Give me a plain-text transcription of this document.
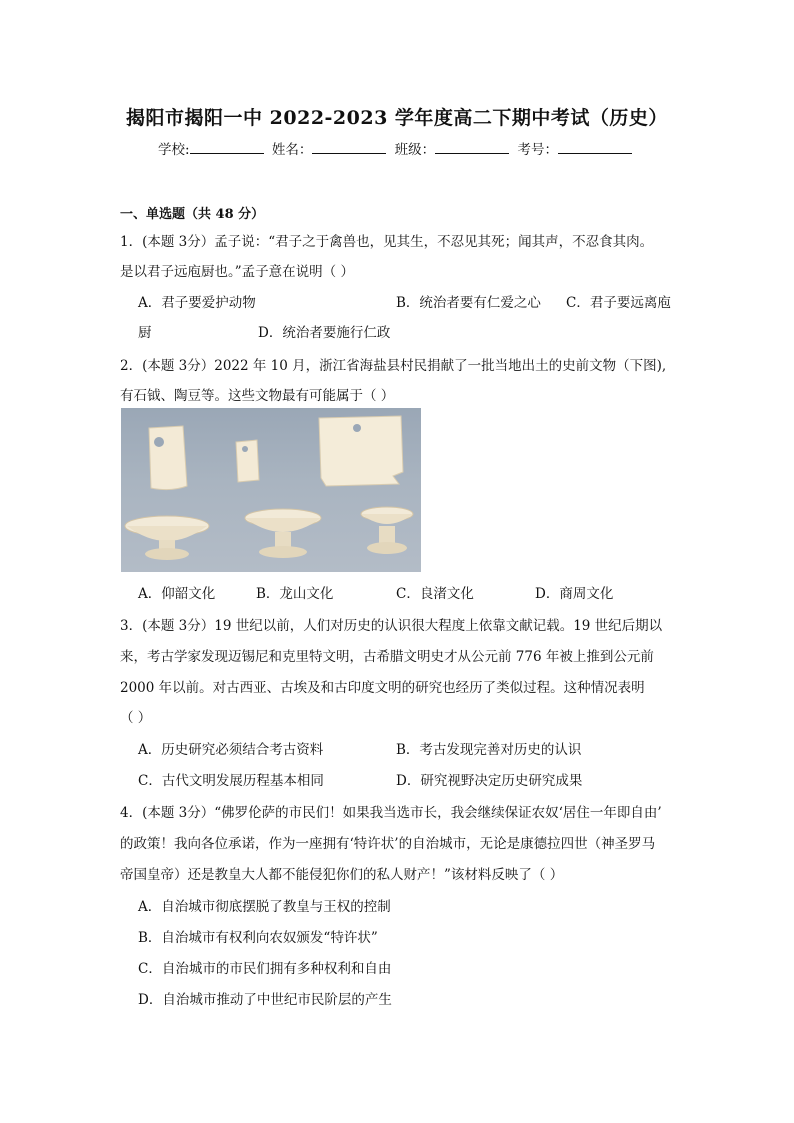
揭阳市揭阳一中 2022-2023 学年度高二下期中考试（历史）
学校:	姓名：	班级：	考号：
一、单选题（共 48 分）
1．(本题 3分）孟子说：“君子之于禽兽也，见其生，不忍见其死；闻其声，不忍食其肉。
是以君子远庖厨也。”孟子意在说明（ ）
A．君子要爱护动物	B．统治者要有仁爱之心 C．君子要远离庖
厨	D．统治者要施行仁政
2．(本题 3分）2022 年 10 月，浙江省海盐县村民捐献了一批当地出土的史前文物（下图),
有石钺、陶豆等。这些文物最有可能属于（ ）
A．仰韶文化	B．龙山文化	C．良渚文化	D．商周文化
3．(本题 3分）19 世纪以前，人们对历史的认识很大程度上依靠文献记载。19 世纪后期以
来，考古学家发现迈锡尼和克里特文明，古希腊文明史才从公元前 776 年被上推到公元前
2000 年以前。对古西亚、古埃及和古印度文明的研究也经历了类似过程。这种情况表明
（ ）
A．历史研究必须结合考古资料	B．考古发现完善对历史的认识
C．古代文明发展历程基本相同	D．研究视野决定历史研究成果
4．(本题 3分）“佛罗伦萨的市民们！如果我当选市长，我会继续保证农奴‘居住一年即自由’
的政策！我向各位承诺，作为一座拥有‘特许状’的自治城市，无论是康德拉四世（神圣罗马
帝国皇帝）还是教皇大人都不能侵犯你们的私人财产！”该材料反映了（ ）
A．自治城市彻底摆脱了教皇与王权的控制
B．自治城市有权利向农奴颁发“特许状”
C．自治城市的市民们拥有多种权利和自由
D．自治城市推动了中世纪市民阶层的产生
